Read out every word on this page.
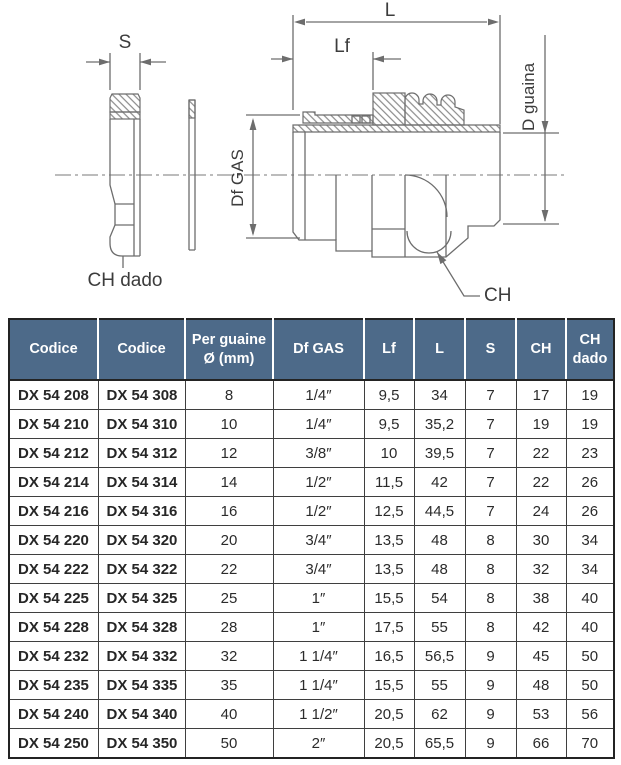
S
L
Lf
Df GAS
D guaina
CH dado
CH
Codice	Codice	Per guaine Ø (mm)	Df GAS	Lf	L	S	CH	CH dado
DX 54 208	DX 54 308	8	1/4″	9,5	34	7	17	19
DX 54 210	DX 54 310	10	1/4″	9,5	35,2	7	19	19
DX 54 212	DX 54 312	12	3/8″	10	39,5	7	22	23
DX 54 214	DX 54 314	14	1/2″	11,5	42	7	22	26
DX 54 216	DX 54 316	16	1/2″	12,5	44,5	7	24	26
DX 54 220	DX 54 320	20	3/4″	13,5	48	8	30	34
DX 54 222	DX 54 322	22	3/4″	13,5	48	8	32	34
DX 54 225	DX 54 325	25	1″	15,5	54	8	38	40
DX 54 228	DX 54 328	28	1″	17,5	55	8	42	40
DX 54 232	DX 54 332	32	1 1/4″	16,5	56,5	9	45	50
DX 54 235	DX 54 335	35	1 1/4″	15,5	55	9	48	50
DX 54 240	DX 54 340	40	1 1/2″	20,5	62	9	53	56
DX 54 250	DX 54 350	50	2″	20,5	65,5	9	66	70
